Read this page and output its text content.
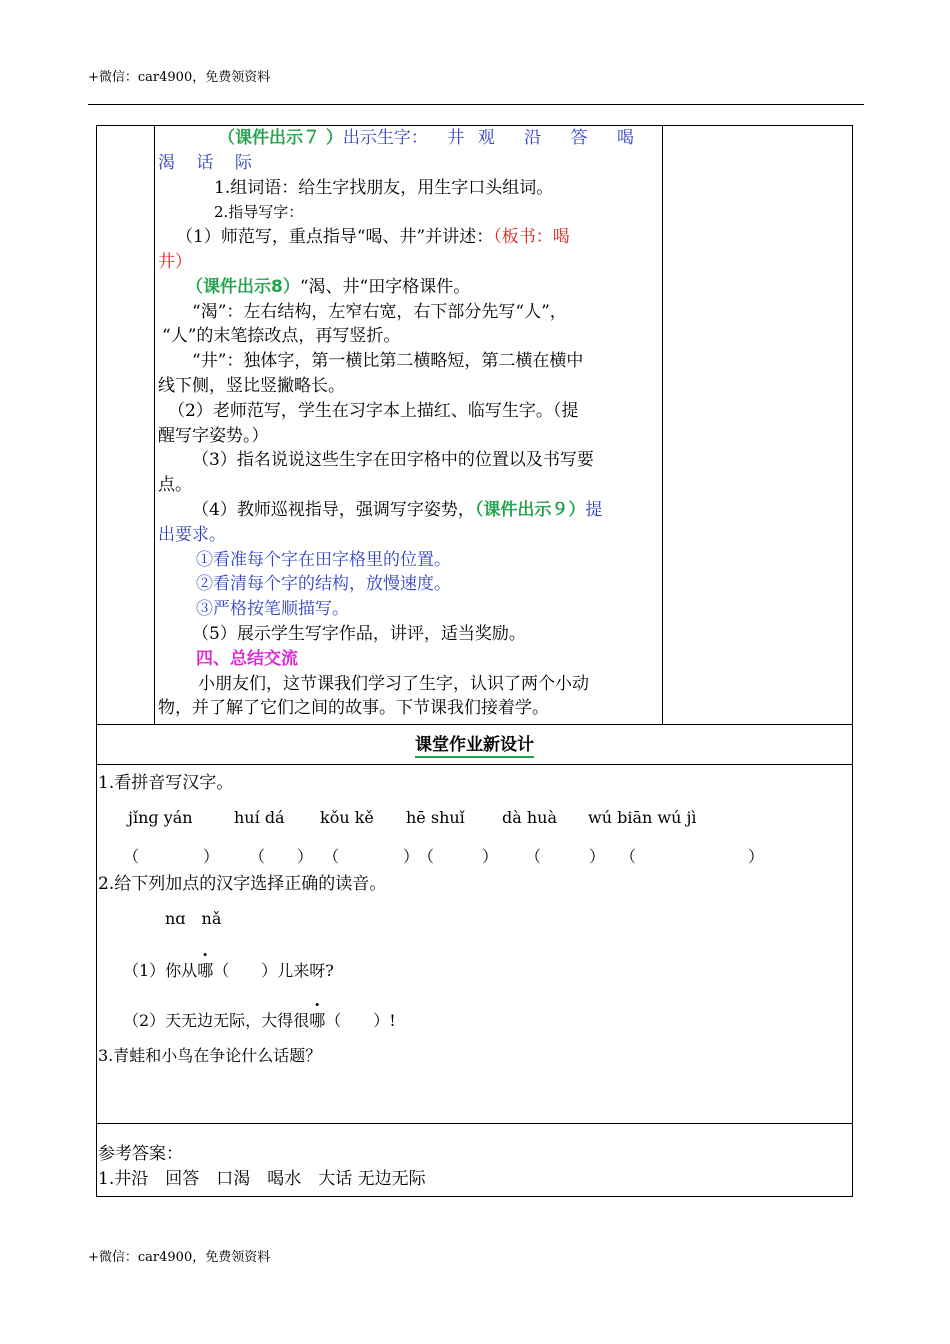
+微信：car4900，免费领资料

（课件出示７ ）出示生字： 井 观 沿 答 喝

渴 话 际

1.组词语：给生字找朋友，用生字口头组词。

2.指导写字：

（1）师范写，重点指导“喝、井”并讲述：（板书：喝

井）

（课件出示8）“渴、井“田字格课件。

“渴”：左右结构，左窄右宽，右下部分先写“人”，

“人”的末笔捺改点，再写竖折。

“井”：独体字，第一横比第二横略短，第二横在横中

线下侧，竖比竖撇略长。

（2）老师范写，学生在习字本上描红、临写生字。（提

醒写字姿势。）

（3）指名说说这些生字在田字格中的位置以及书写要

点。

（4）教师巡视指导，强调写字姿势，（课件出示９）提

出要求。

①看准每个字在田字格里的位置。

②看清每个字的结构，放慢速度。

③严格按笔顺描写。

（5）展示学生写字作品，讲评，适当奖励。

四、总结交流

小朋友们，这节课我们学习了生字，认识了两个小动

物，并了解了它们之间的故事。下节课我们接着学。

课堂作业新设计
1.看拼音写汉字。
jǐnɡ yán	huí dá kǒu kě hē shuǐ dà huà wú biān wú jì
（　　　　） （　　） （　　　　）
（　　　） （　　　） （　　　　　　　）
2.给下列加点的汉字选择正确的读音。
nɑ　nǎ
（1）你从哪（　　）儿来呀?
（2）天无边无际，大得很哪（　　）!
3.青蛙和小鸟在争论什么话题？
参考答案：
1.井沿　回答　口渴　喝水　大话 无边无际
+微信：car4900，免费领资料
